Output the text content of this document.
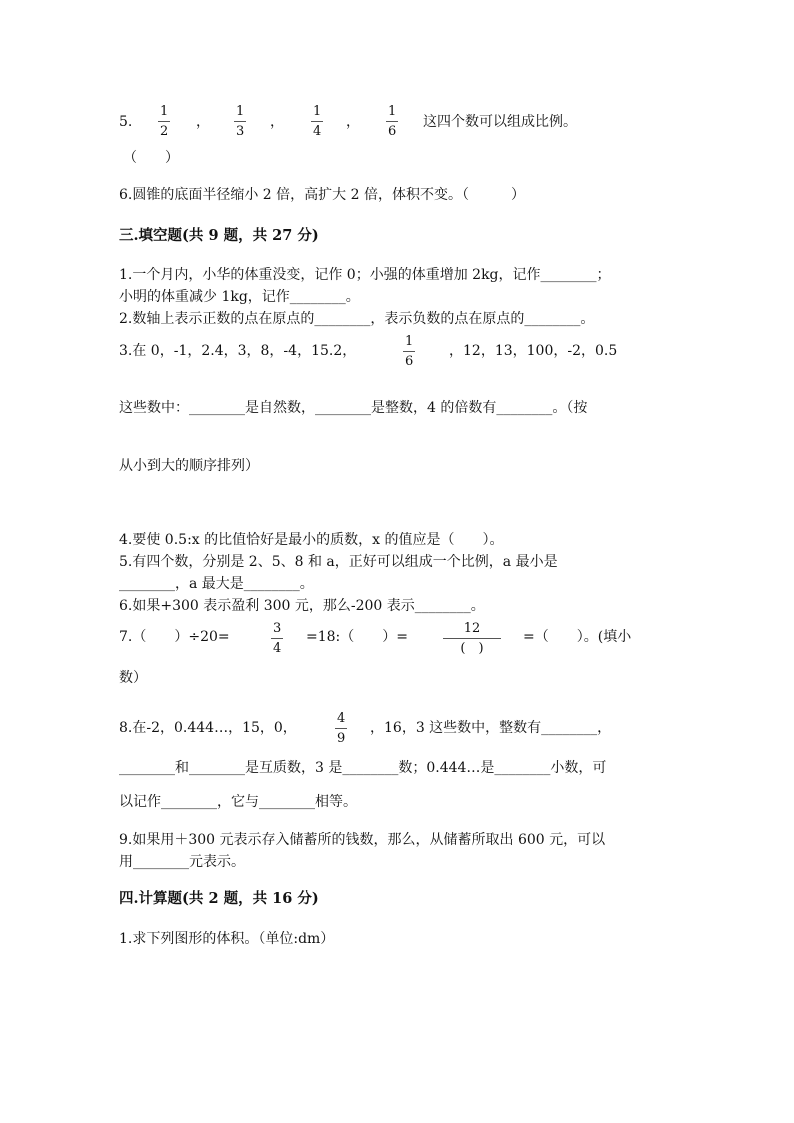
5.
1
2
，
1
3
，
1
4
，
1
6
这四个数可以组成比例。
（　　）
6.圆锥的底面半径缩小 2 倍，高扩大 2 倍，体积不变。（　　　）
三.填空题(共 9 题，共 27 分)
1.一个月内，小华的体重没变，记作 0；小强的体重增加 2kg，记作________；
小明的体重减少 1kg，记作________。
2.数轴上表示正数的点在原点的________，表示负数的点在原点的________。
3.在 0，-1，2.4，3，8，-4，15.2，
1
6
，12，13，100，-2，0.5
这些数中：________是自然数，________是整数，4 的倍数有________。（按
从小到大的顺序排列）
4.要使 0.5:x 的比值恰好是最小的质数，x 的值应是（　　）。
5.有四个数，分别是 2、5、8 和 a，正好可以组成一个比例，a 最小是
________，a 最大是________。
6.如果+300 表示盈利 300 元，那么-200 表示________。
7.（　　）÷20=
3
4
=18:（　　）=
12
(　)
=（　　）。(填小
数）
8.在-2，0.444…，15，0，
4
9
，16，3 这些数中，整数有________，
________和________是互质数，3 是________数；0.444…是________小数，可
以记作________，它与________相等。
9.如果用＋300 元表示存入储蓄所的钱数，那么，从储蓄所取出 600 元，可以
用________元表示。
四.计算题(共 2 题，共 16 分)
1.求下列图形的体积。（单位:dm）
